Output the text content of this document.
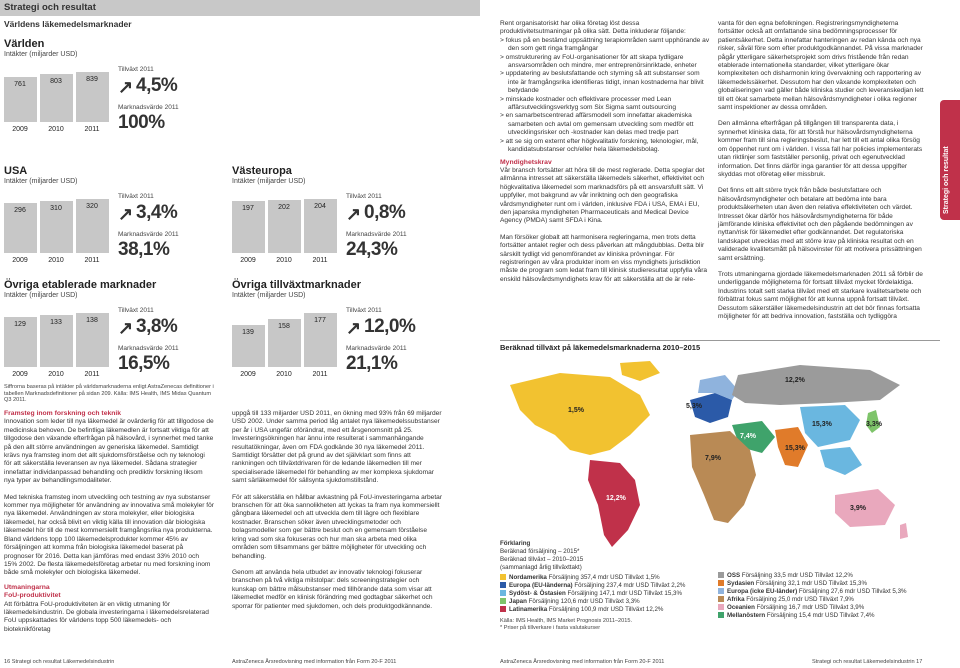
Strategi och resultat
Världens läkemedelsmarknader
Världen
Intäkter (miljarder USD)
761
2009
803
2010
839
2011
Tillväxt 2011
↗ 4,5%
Marknadsvärde 2011
100%
USA
Intäkter (miljarder USD)
296
2009
310
2010
320
2011
Tillväxt 2011
↗ 3,4%
Marknadsvärde 2011
38,1%
Övriga etablerade marknader
Intäkter (miljarder USD)
129
2009
133
2010
138
2011
Tillväxt 2011
↗ 3,8%
Marknadsvärde 2011
16,5%
Västeuropa
Intäkter (miljarder USD)
197
2009
202
2010
204
2011
Tillväxt 2011
↗ 0,8%
Marknadsvärde 2011
24,3%
Övriga tillväxtmarknader
Intäkter (miljarder USD)
139
2009
158
2010
177
2011
Tillväxt 2011
↗ 12,0%
Marknadsvärde 2011
21,1%
Siffrorna baseras på intäkter på världsmarknaderna enligt AstraZenecas definitioner i tabellen Marknadsdefinitioner på sidan 209. Källa: IMS Health, IMS Midas Quantum Q3 2011.
Framsteg inom forskning och teknik
Innovation som leder till nya läkemedel är ovärderlig för att tillgodose de medicinska behoven. De befintliga läkemedlen är fortsatt viktiga för att tillgodose den växande efterfrågan på hälsovård, i synnerhet med tanke på den allt större användningen av generiska läkemedel. Samtidigt krävs nya framsteg inom det allt sjukdomsförståelse och ny teknologi för att säkerställa leveransen av nya läkemedel. Sådana strategier innefattar individanpassad behandling och prediktiv forskning liksom nya typer av behandlingsmodaliteter.
Med tekniska framsteg inom utveckling och testning av nya substanser kommer nya möjligheter för användning av innovativa små molekyler för nya läkemedel. Användningen av stora molekyler, eller biologiska läkemedel, har också blivit en viktig källa till innovation där biologiska läkemedel hör till de mest kommersiellt framgångsrika nya produkterna. Bland världens topp 100 läkemedelsprodukter kommer 45% av försäljningen att komma från biologiska läkemedel baserat på prognoser för 2016. Detta kan jämföras med endast 33% 2010 och 15% 2002. De flesta läkemedelsföretag arbetar nu med forskning inom både små molekyler och biologiska läkemedel.
Utmaningarna
FoU-produktivitet
Att förbättra FoU-produktiviteten är en viktig utmaning för läkemedelsindustrin. De globala investeringarna i läkemedelsrelaterad FoU uppskattades för världens topp 500 läkemedels- och bioteknikföretag
uppgå till 133 miljarder USD 2011, en ökning med 93% från 69 miljarder USD 2002. Under samma period låg antalet nya läkemedelssubstanser per år i USA ungefär oförändrat, med ett årsgenomsnitt på 25. Investeringsökningen har ännu inte resulterat i sammanhängande resultatökningar, även om FDA godkände 30 nya läkemedel 2011. Samtidigt försätter det på grund av det självklart som finns att rankningen och tillväxtdrivaren för de ledande läkemedlen till mer specialiserade läkemedel för behandling av mer komplexa sjukdomar samt särläkemedel för sällsynta sjukdomstillstånd.
För att säkerställa en hållbar avkastning på FoU-investeringarna arbetar branschen för att öka sannolikheten att lyckas ta fram nya kommersiellt gångbara läkemedel och att utveckla dem till lägre och flexiblare kostnader. Branschen söker även utvecklingsmetoder och bolagsmodeller som ger bättre beslut och en gemensam förståelse kring vad som ska fokuseras och hur man ska arbeta med olika områden som tillsammans ger bättre möjligheter för utveckling och behandling.
Genom att använda hela utbudet av innovativ teknologi fokuserar branschen på två viktiga milstolpar: dels screeningstrategier och kunskap om bättre målsubstanser med tillhörande data som visar att läkemedlet medför en klinisk förändring med godtagbar säkerhet och sporrar för patienter med sjukdomen, och dels produktgodkännande.
Rent organisatoriskt har olika företag löst dessa produktivitetsutmaningar på olika sätt. Detta inkluderar följande:
> fokus på en bestämd uppsättning terapiområden samt upphörande av den som gett ringa framgångar
> omstrukturering av FoU-organisationer för att skapa tydligare ansvarsområden och mindre, mer entreprenörsinriktade, enheter
> uppdatering av beslutsfattande och styrning så att substanser som inte är framgångsrika identifieras tidigt, innan kostnaderna har blivit betydande
> minskade kostnader och effektivare processer med Lean affärsutvecklingsverktyg som Six Sigma samt outsourcing
> en samarbetscentrerad affärsmodell som innefattar akademiska samarbeten och avtal om gemensam utveckling som medför ett utvecklingsrisker och -kostnader kan delas med tredje part
> att se sig om externt efter högkvalitativ forskning, teknologier, mål, kandidatsubstanser och/eller hela läkemedelsbolag.
Myndighetskrav
Vår bransch fortsätter att höra till de mest reglerade. Detta speglar det allmänna intresset att säkerställa läkemedels säkerhet, effektivitet och högkvalitativa läkemedel som marknadsförs på ett ansvarsfullt sätt. Vi uppfyller, mot bakgrund av vår inriktning och den geografiska vårdsmyndigheter runt om i världen, inklusive FDA i USA, EMA i EU, den japanska myndigheten Pharmaceuticals and Medical Device Agency (PMDA) samt SFDA i Kina.
Man försöker globalt att harmonisera regleringarna, men trots detta fortsätter antalet regler och dess påverkan att mångdubblas. Detta blir särskilt tydligt vid genomförandet av kliniska prövningar. För registreringen av våra produkter inom en viss myndighets jurisdiktion måste de program som ledat fram till klinisk studieresultat uppfylla våra enskild hälsovårdsmyndighets krav för att säkerställa att de är rele-
vanta för den egna befolkningen. Registreringsmyndigheterna fortsätter också att omfattande sina bedömningsprocesser för patientsäkerhet. Detta innefattar hanteringen av redan kända och nya risker, såväl före som efter produktgodkännandet. På vissa marknader pågår ytterligare säkerhetsprojekt som drivs fristående från redan etablerade internationella standarder, vilket ytterligare ökar komplexiteten och disharmonin kring övervakning och rapportering av läkemedelssäkerhet. Dessutom har den växande komplexiteten och globaliseringen vad gäller både kliniska studier och leveranskedjan lett till ett ökat samarbete mellan hälsovårdsmyndigheter i olika regioner samt inspektioner av dessa områden.
Den allmänna efterfrågan på tillgången till transparenta data, i synnerhet kliniska data, för att förstå hur hälsovårdsmyndigheterna kommer fram till sina regleringsbeslut, har lett till ett antal olika försög om öppenhet runt om i världen. I vissa fall har policies implementerats utan riktlinjer som fastställer personlig, privat och egenutvecklad information. Det finns därför inga garantier för att dessa uppgifter skyddas mot oföretag eller missbruk.
Det finns ett allt större tryck från både beslutsfattare och hälsovårdsmyndigheter och betalare att bedöma inte bara produktsäkerheten utan även den relativa effektiviteten och värdet. Intresset ökar därför hos hälsovårdsmyndigheterna för både jämförande kliniska effektivitet och den pågående bedömningen av nyttan/risk för läkemedlet efter godkännandet. Det regulatoriska landskapet utvecklas med att större krav på kliniska resultat och en validerade kvalitetsmått på hälsovinster för att motivera prissättningen samt ersättning.
Trots utmaningarna gjordade läkemedelsmarknaden 2011 så förblir de underliggande möjligheterna för fortsatt tillväxt mycket fördelaktiga. Industrins totalt sett starka tillväxt med ett starkare kvalitetsarbete och förbättrat fokus samt möjlighet för att kunna uppnå fortsatt tillväxt. Dessutom säkerställer läkemedelsindustrin att det bör finnas fortsatta möjligheter för att bedriva innovation, fastställa och tydliggöra
Strategi och resultat
Beräknad tillväxt på läkemedelsmarknaderna 2010–2015
1,5%
12,2%
5,3%
12,2%
7,4%
15,3%	3,3%
7,9%
15,3%
3,9%
Förklaring
Beräknad försäljning – 2015*
Beräknad tillväxt – 2010–2015
(sammanlagd årlig tillväxttakt)
Nordamerika Försäljning 357,4 mdr USD Tillväxt 1,5%
Europa (EU-länderna) Försäljning 237,4 mdr USD Tillväxt 2,2%
Sydöst- & Östasien Försäljning 147,1 mdr USD Tillväxt 15,3%
Japan Försäljning 120,6 mdr USD Tillväxt 3,3%
Latinamerika Försäljning 100,9 mdr USD Tillväxt 12,2%
Källa: IMS Health, IMS Market Prognosis 2011–2015.
* Priser på tillverkare i fasta valutakurser
OSS Försäljning 33,5 mdr USD Tillväxt 12,2%
Sydasien Försäljning 32,1 mdr USD Tillväxt 15,3%
Europa (icke EU-länder) Försäljning 27,6 mdr USD Tillväxt 5,3%
Afrika Försäljning 25,0 mdr USD Tillväxt 7,9%
Oceanien Försäljning 16,7 mdr USD Tillväxt 3,9%
Mellanöstern Försäljning 15,4 mdr USD Tillväxt 7,4%
16 Strategi och resultat Läkemedelsindustrin	AstraZeneca Årsredovisning med information från Form 20-F 2011	AstraZeneca Årsredovisning med information från Form 20-F 2011	Strategi och resultat Läkemedelsindustrin 17
